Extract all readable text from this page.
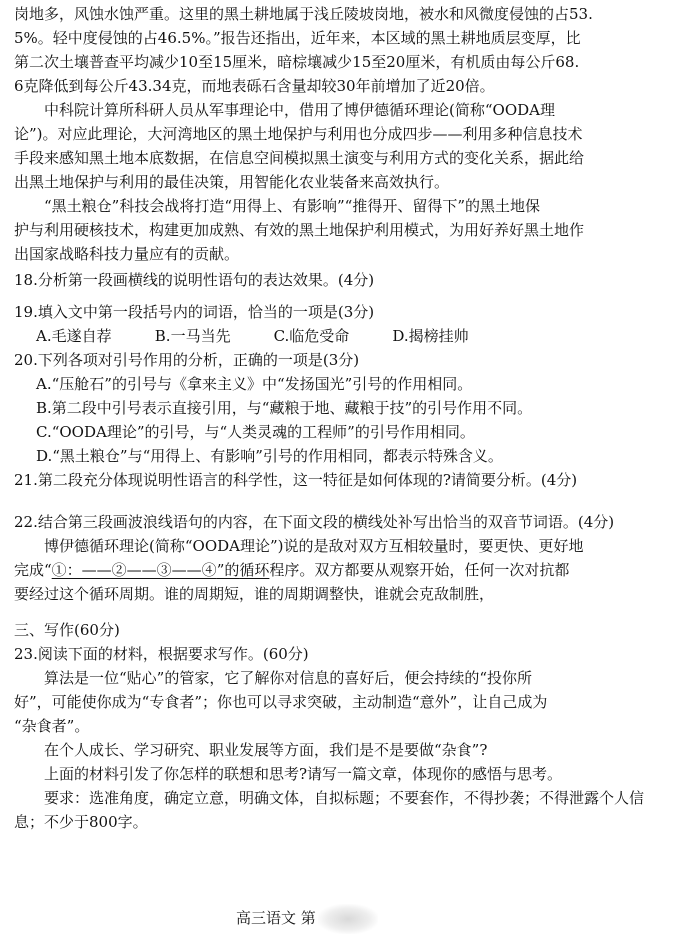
岗地多，风蚀水蚀严重。这里的黑土耕地属于浅丘陵坡岗地，被水和风微度侵蚀的占53.
5%。轻中度侵蚀的占46.5%。”报告还指出，近年来，本区域的黑土耕地质层变厚，比
第二次土壤普查平均减少10至15厘米，暗棕壤减少15至20厘米，有机质由每公斤68.
6克降低到每公斤43.34克，而地表砾石含量却较30年前增加了近20倍。
中科院计算所科研人员从军事理论中，借用了博伊德循环理论(简称“OODA理
论”)。对应此理论，大河湾地区的黑土地保护与利用也分成四步——利用多种信息技术
手段来感知黑土地本底数据，在信息空间模拟黑土演变与利用方式的变化关系，据此给
出黑土地保护与利用的最佳决策，用智能化农业装备来高效执行。
“黑土粮仓”科技会战将打造“用得上、有影响”“推得开、留得下”的黑土地保
护与利用硬核技术，构建更加成熟、有效的黑土地保护利用模式，为用好养好黑土地作
出国家战略科技力量应有的贡献。
18.分析第一段画横线的说明性语句的表达效果。(4分)
19.填入文中第一段括号内的词语，恰当的一项是(3分)
A.毛遂自荐	B.一马当先	C.临危受命	D.揭榜挂帅
20.下列各项对引号作用的分析，正确的一项是(3分)
A.“压舱石”的引号与《拿来主义》中“发扬国光”引号的作用相同。
B.第二段中引号表示直接引用，与“藏粮于地、藏粮于技”的引号作用不同。
C.“OODA理论”的引号，与“人类灵魂的工程师”的引号作用相同。
D.“黑土粮仓”与“用得上、有影响”引号的作用相同，都表示特殊含义。
21.第二段充分体现说明性语言的科学性，这一特征是如何体现的?请简要分析。(4分)
22.结合第三段画波浪线语句的内容，在下面文段的横线处补写出恰当的双音节词语。(4分)
博伊德循环理论(简称“OODA理论”)说的是敌对双方互相较量时，要更快、更好地
完成“①：——②——③——④”的循环程序。双方都要从观察开始，任何一次对抗都
要经过这个循环周期。谁的周期短，谁的周期调整快，谁就会克敌制胜，
三、写作(60分)
23.阅读下面的材料，根据要求写作。(60分)
算法是一位“贴心”的管家，它了解你对信息的喜好后，便会持续的“投你所
好”，可能使你成为“专食者”；你也可以寻求突破，主动制造“意外”，让自己成为
“杂食者”。
在个人成长、学习研究、职业发展等方面，我们是不是要做“杂食”?
上面的材料引发了你怎样的联想和思考?请写一篇文章，体现你的感悟与思考。
要求：选准角度，确定立意，明确文体，自拟标题；不要套作，不得抄袭；不得泄露个人信
息；不少于800字。
高三语文 第
